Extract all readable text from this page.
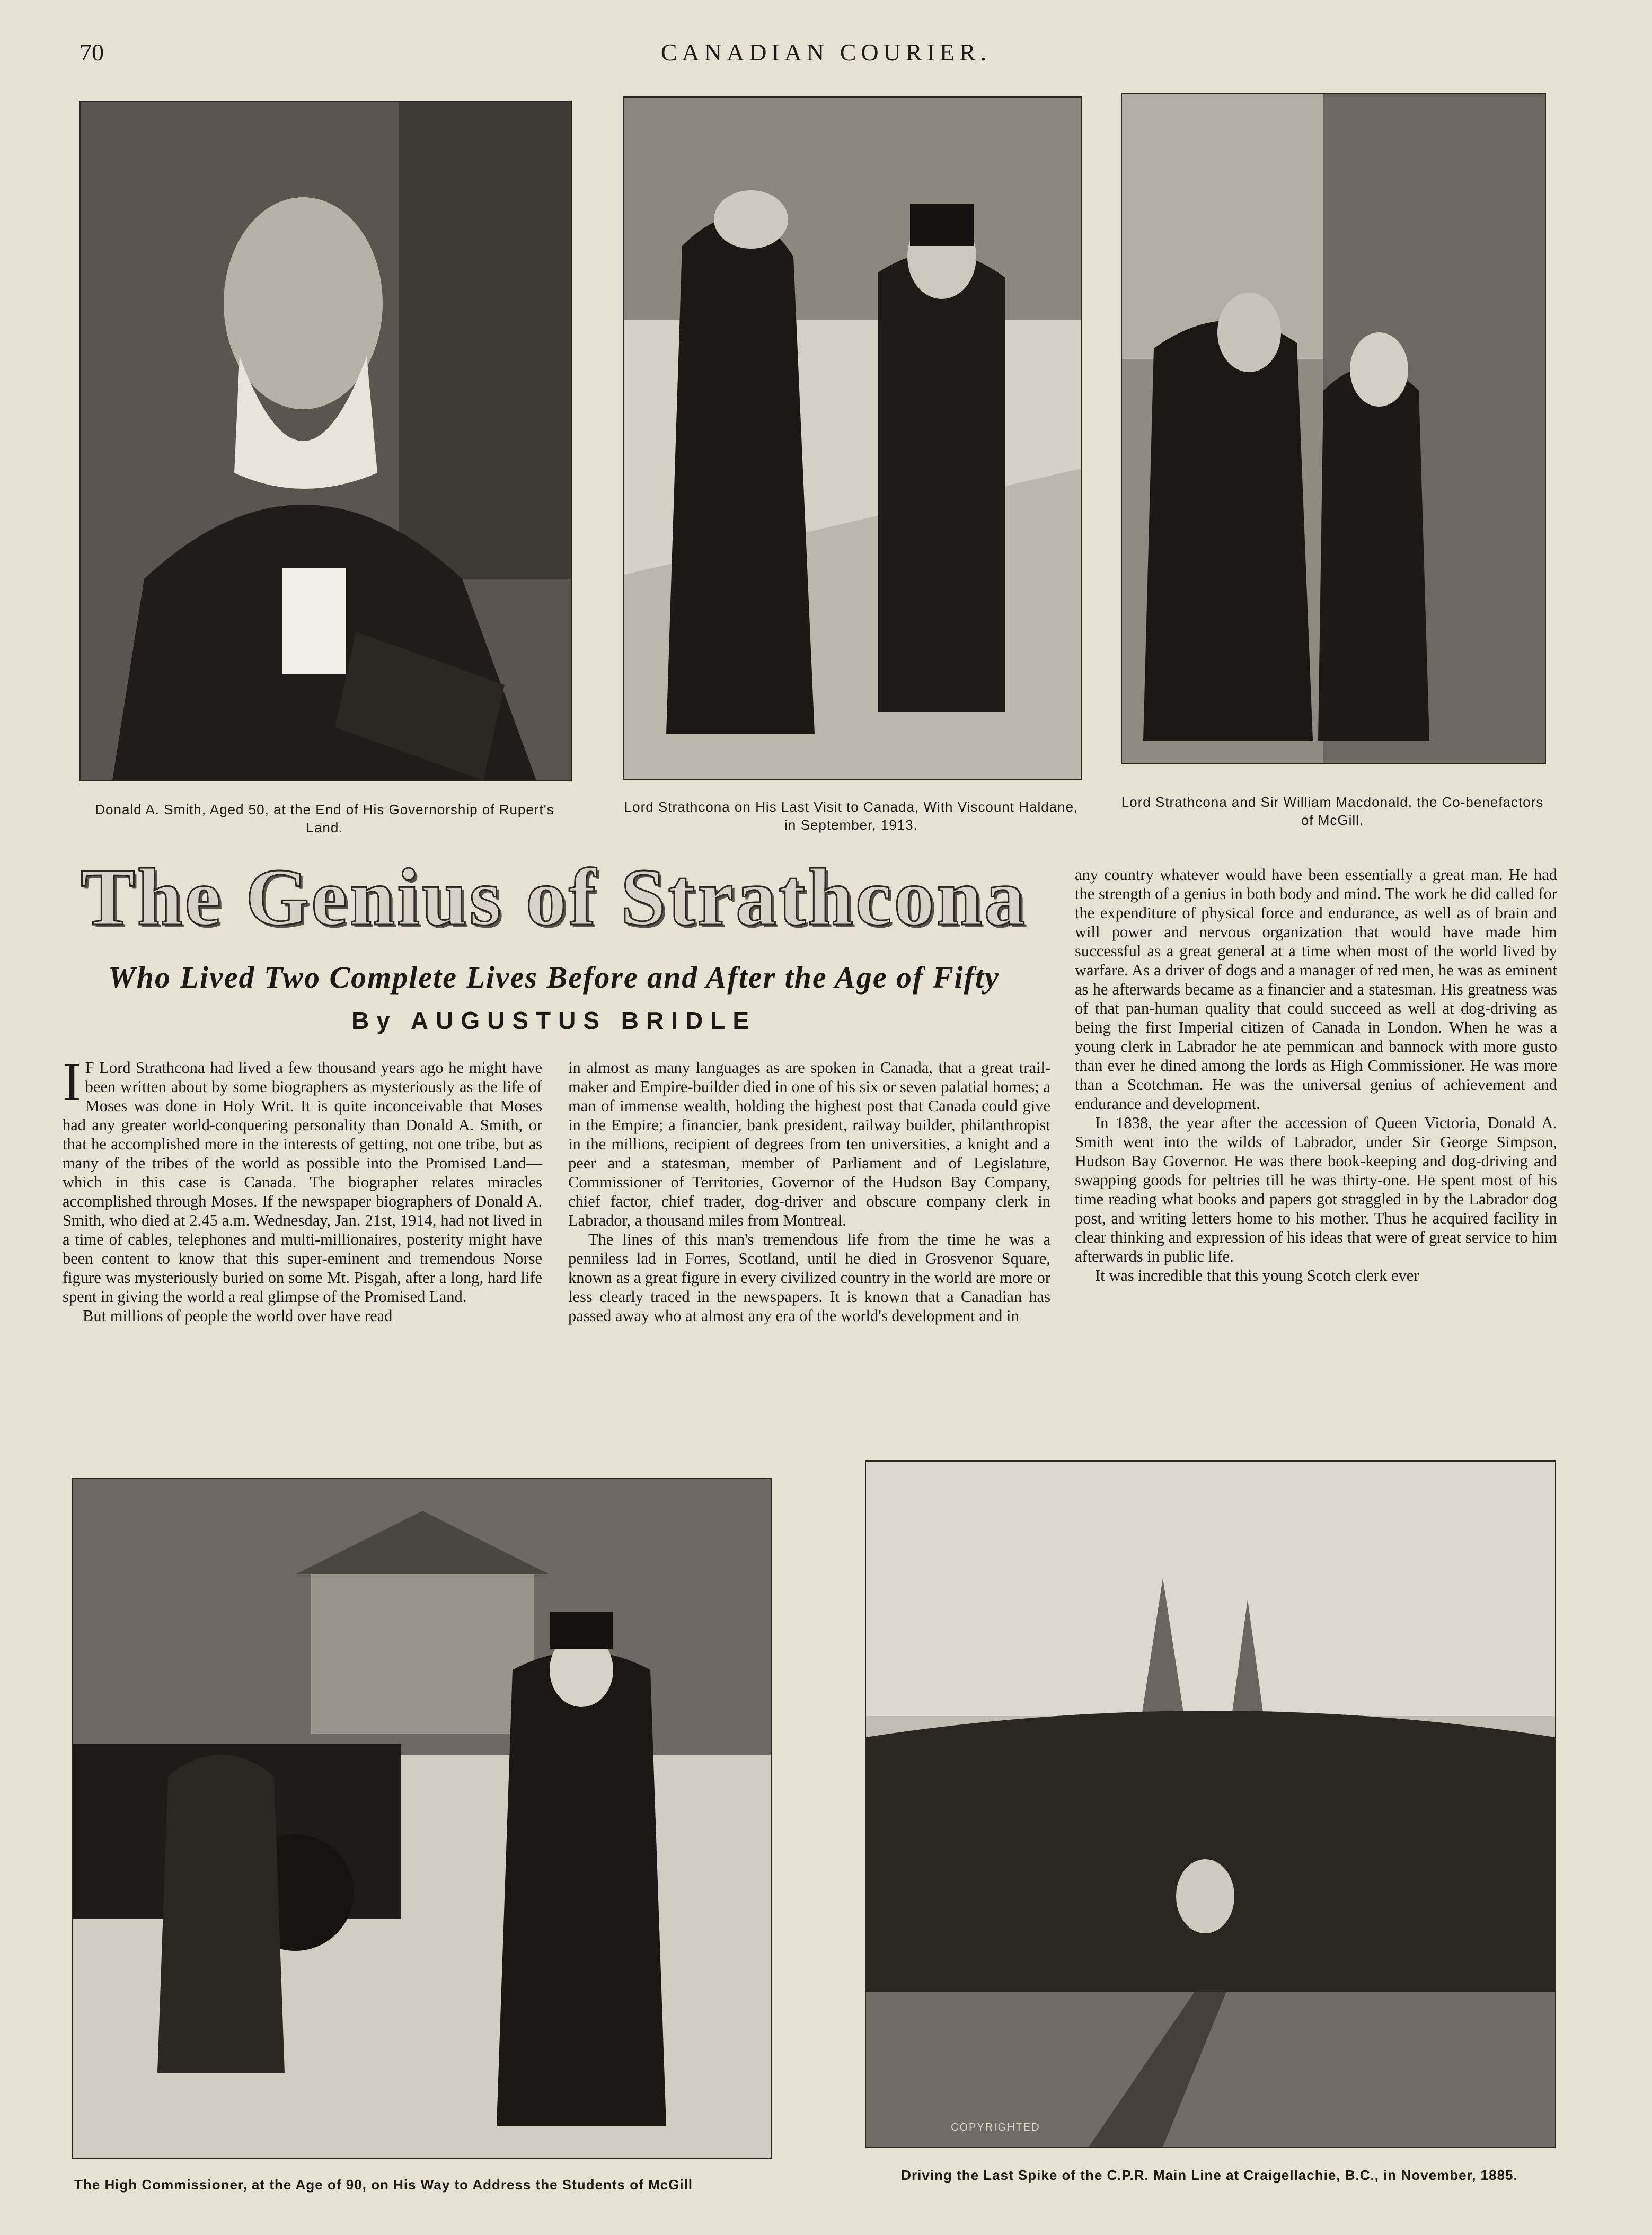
70	CANADIAN COURIER.
Donald A. Smith, Aged 50, at the End of His Governorship of Rupert's Land.
Lord Strathcona on His Last Visit to Canada, With Viscount Haldane, in September, 1913.
Lord Strathcona and Sir William Macdonald, the Co-benefactors of McGill.
The Genius of Strathcona
Who Lived Two Complete Lives Before and After the Age of Fifty
By AUGUSTUS BRIDLE

I F Lord Strathcona had lived a few thousand years ago he might have been written about by some biographers as mysteriously as the life of Moses was done in Holy Writ. It is quite inconceivable that Moses had any greater world-conquering personality than Donald A. Smith, or that he accomplished more in the interests of getting, not one tribe, but as many of the tribes of the world as possible into the Promised Land—which in this case is Canada. The biographer relates miracles accomplished through Moses. If the newspaper biographers of Donald A. Smith, who died at 2.45 a.m. Wednesday, Jan. 21st, 1914, had not lived in a time of cables, telephones and multi-millionaires, posterity might have been content to know that this super-eminent and tremendous Norse figure was mysteriously buried on some Mt. Pisgah, after a long, hard life spent in giving the world a real glimpse of the Promised Land.

But millions of people the world over have read

in almost as many languages as are spoken in Canada, that a great trail-maker and Empire-builder died in one of his six or seven palatial homes; a man of immense wealth, holding the highest post that Canada could give in the Empire; a financier, bank president, railway builder, philanthropist in the millions, recipient of degrees from ten universities, a knight and a peer and a statesman, member of Parliament and of Legislature, Commissioner of Territories, Governor of the Hudson Bay Company, chief factor, chief trader, dog-driver and obscure company clerk in Labrador, a thousand miles from Montreal.

The lines of this man's tremendous life from the time he was a penniless lad in Forres, Scotland, until he died in Grosvenor Square, known as a great figure in every civilized country in the world are more or less clearly traced in the newspapers. It is known that a Canadian has passed away who at almost any era of the world's development and in

any country whatever would have been essentially a great man. He had the strength of a genius in both body and mind. The work he did called for the expenditure of physical force and endurance, as well as of brain and will power and nervous organization that would have made him successful as a great general at a time when most of the world lived by warfare. As a driver of dogs and a manager of red men, he was as eminent as he afterwards became as a financier and a statesman. His greatness was of that pan-human quality that could succeed as well at dog-driving as being the first Imperial citizen of Canada in London. When he was a young clerk in Labrador he ate pemmican and bannock with more gusto than ever he dined among the lords as High Commissioner. He was more than a Scotchman. He was the universal genius of achievement and endurance and development.

In 1838, the year after the accession of Queen Victoria, Donald A. Smith went into the wilds of Labrador, under Sir George Simpson, Hudson Bay Governor. He was there book-keeping and dog-driving and swapping goods for peltries till he was thirty-one. He spent most of his time reading what books and papers got straggled in by the Labrador dog post, and writing letters home to his mother. Thus he acquired facility in clear thinking and expression of his ideas that were of great service to him afterwards in public life.

It was incredible that this young Scotch clerk ever

The High Commissioner, at the Age of 90, on His Way to Address the Students of McGill
COPYRIGHTED
Driving the Last Spike of the C.P.R. Main Line at Craigellachie, B.C., in November, 1885.
